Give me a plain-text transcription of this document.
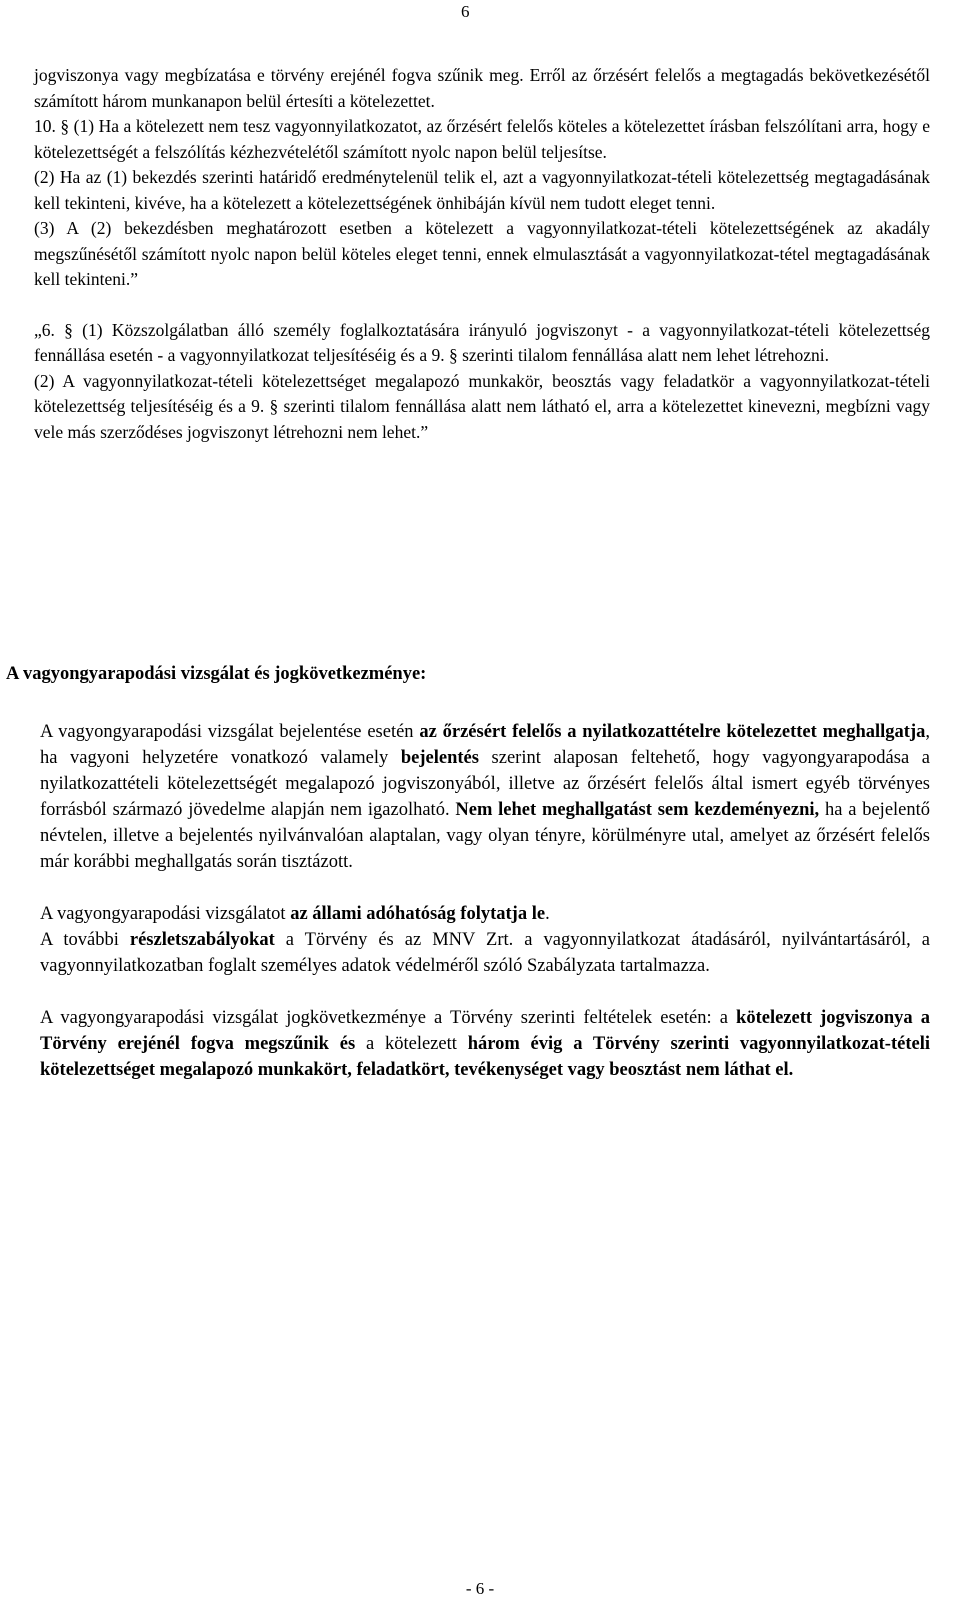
6

jogviszonya vagy megbízatása e törvény erejénél fogva szűnik meg. Erről az őrzésért felelős a megtagadás bekövetkezésétől számított három munkanapon belül értesíti a kötelezettet.

10. § (1) Ha a kötelezett nem tesz vagyonnyilatkozatot, az őrzésért felelős köteles a kötelezettet írásban felszólítani arra, hogy e kötelezettségét a felszólítás kézhezvételétől számított nyolc napon belül teljesítse.

(2) Ha az (1) bekezdés szerinti határidő eredménytelenül telik el, azt a vagyonnyilatkozat-tételi kötelezettség megtagadásának kell tekinteni, kivéve, ha a kötelezett a kötelezettségének önhibáján kívül nem tudott eleget tenni.

(3) A (2) bekezdésben meghatározott esetben a kötelezett a vagyonnyilatkozat-tételi kötelezettségének az akadály megszűnésétől számított nyolc napon belül köteles eleget tenni, ennek elmulasztását a vagyonnyilatkozat-tétel megtagadásának kell tekinteni.”

„6. § (1) Közszolgálatban álló személy foglalkoztatására irányuló jogviszonyt - a vagyonnyilatkozat-tételi kötelezettség fennállása esetén - a vagyonnyilatkozat teljesítéséig és a 9. § szerinti tilalom fennállása alatt nem lehet létrehozni.

(2) A vagyonnyilatkozat-tételi kötelezettséget megalapozó munkakör, beosztás vagy feladatkör a vagyonnyilatkozat-tételi kötelezettség teljesítéséig és a 9. § szerinti tilalom fennállása alatt nem látható el, arra a kötelezettet kinevezni, megbízni vagy vele más szerződéses jogviszonyt létrehozni nem lehet.”

A vagyongyarapodási vizsgálat és jogkövetkezménye:

A vagyongyarapodási vizsgálat bejelentése esetén az őrzésért felelős a nyilatkozattételre kötelezettet meghallgatja, ha vagyoni helyzetére vonatkozó valamely bejelentés szerint alaposan feltehető, hogy vagyongyarapodása a nyilatkozattételi kötelezettségét megalapozó jogviszonyából, illetve az őrzésért felelős által ismert egyéb törvényes forrásból származó jövedelme alapján nem igazolható. Nem lehet meghallgatást sem kezdeményezni, ha a bejelentő névtelen, illetve a bejelentés nyilvánvalóan alaptalan, vagy olyan tényre, körülményre utal, amelyet az őrzésért felelős már korábbi meghallgatás során tisztázott.

A vagyongyarapodási vizsgálatot az állami adóhatóság folytatja le.

A további részletszabályokat a Törvény és az MNV Zrt. a vagyonnyilatkozat átadásáról, nyilvántartásáról, a vagyonnyilatkozatban foglalt személyes adatok védelméről szóló Szabályzata tartalmazza.

A vagyongyarapodási vizsgálat jogkövetkezménye a Törvény szerinti feltételek esetén: a kötelezett jogviszonya a Törvény erejénél fogva megszűnik és a kötelezett három évig a Törvény szerinti vagyonnyilatkozat-tételi kötelezettséget megalapozó munkakört, feladatkört, tevékenységet vagy beosztást nem láthat el.

- 6 -
